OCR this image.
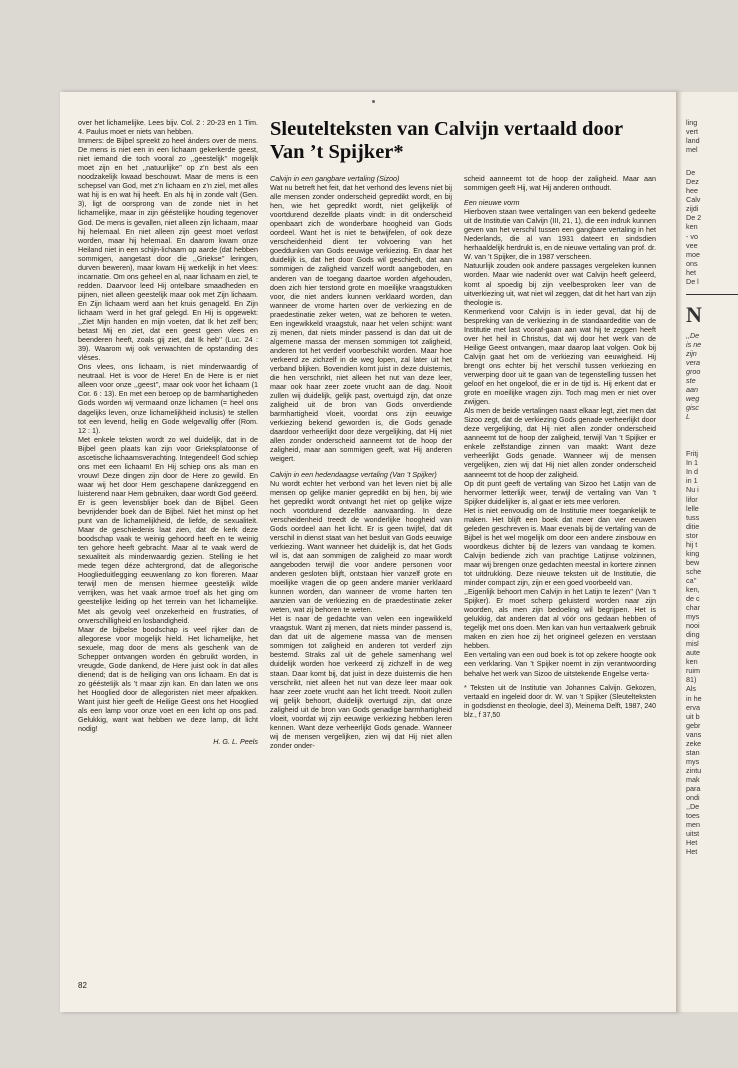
over het lichamelijke. Lees bijv. Col. 2 : 20-23 en 1 Tim. 4. Paulus moet er niets van hebben.

Immers: de Bijbel spreekt zo heel ánders over de mens. De mens is niet een in een lichaam gekerkerde geest, niet iemand die toch vooral zo ,,geestelijk’’ mogelijk moet zijn en het ,,natuurlijke’’ op z’n best als een noodzakelijk kwaad beschouwt. Maar de mens is een schepsel van God, met z’n lichaam en z’n ziel, met alles wat hij is en wat hij heeft. En als hij in zonde valt (Gen. 3), ligt de oorsprong van de zonde niet in het lichamelijke, maar in zijn géésteIijke houding tegenover God. De mens is gevallen, niet alleen zijn lichaam, maar hij helemaal. En niet alleen zijn geest moet verlost worden, maar hij helemaal. En daarom kwam onze Heiland niet in een schijn-lichaam op aarde (dat hebben sommigen, aangetast door die ,,Griekse’’ leringen, durven beweren), maar kwam Hij werkelijk in het vlees: incarnatie. Om ons geheel en al, naar lichaam en ziel, te redden. Daarvoor leed Hij ontelbare smaadheden en pijnen, niet alleen geestelijk maar ook met Zijn lichaam. En Zijn lichaam werd aan het kruis genageld. En Zijn lichaam ’werd in het graf gelegd. En Hij is opgewekt: ,,Ziet Mijn handen en mijn voeten, dat Ik het zelf ben; betast Mij en ziet, dat een geest geen vlees en beenderen heeft, zoals gij ziet, dat Ik heb’’ (Luc. 24 : 39). Waarom wij ook verwachten de opstanding des vléses.

Ons vlees, ons lichaam, is niet minderwaardig of neutraal. Het is voor de Here! En de Here is er niet alleen voor onze ,,geest’’, maar ook voor het lichaam (1 Cor. 6 : 13). En met een beroep op de barmhartigheden Gods worden wij vermaand onze lichamen (= heel ons dagelijks leven, onze lichamelijkheid inclusis) te stellen tot een levend, heilig en Gode welgevallig offer (Rom. 12 : 1).

Met enkele teksten wordt zo wel duidelijk, dat in de Bijbel geen plaats kan zijn voor Grieksplatoonse of ascetische lichaamsverachting. Integendeel! God schiep ons met een lichaam! En Hij schiep ons als man en vrouw! Deze dingen zijn door de Here zo gewild. En waar wij het door Hem geschapene dankzeggend en luisterend naar Hem gebruiken, daar wordt God geëerd. Er is geen levensblijer boek dan de Bijbel. Geen bevrijdender boek dan de Bijbel. Niet het minst op het punt van de lichamelijkheid, de liefde, de sexualiteit. Maar de geschiedenis laat zien, dat de kerk deze boodschap vaak te weinig gehoord heeft en te weinig ten gehore heeft gebracht. Maar al te vaak werd de sexualiteit als minderwaardig gezien. Stelling ie het mede tegen déze achtergrond, dat de allegorische Hooglieduitlegging eeuwenlang zo kon floreren. Maar terwijl men de mensen hiermee geestelijk wilde verrijken, was het vaak armoe troef als het ging om geestelijke leiding op het terrein van het lichamelijke. Met als gevolg veel onzekerheid en frustraties, of onverschilligheid en losbandigheid.

Maar de bijbelse boodschap is veel rijker dan de allegorese voor mogelijk hield. Het lichamelijke, het sexuele, mag door de mens als geschenk van de Schepper ontvangen worden én gebruikt worden, in vreugde, Gode dankend, de Here juist ook ín dat alles dienend; dat is de heiliging van ons lichaam. En dat is zo géésteIijk als ’t maar zijn kan. En dan laten we ons het Hooglied door de allegoristen niet meer afpakken. Want juist hier geeft de Heilige Geest ons het Hooglied als een lamp voor onze voet en een licht op ons pad. Gelukkig, want wat hebben we deze lamp, dit licht nodig!

H. G. L. Peels

Sleutelteksten van Calvijn vertaald door Van ’t Spijker*

Calvijn in een gangbare vertaling (Sizoo)

Wat nu betreft het feit, dat het verhond des levens niet bij alle mensen zonder onderscheid gepredikt wordt, en bij hen, wie het gepredikt wordt, niet gelijkelijk of voortdurend dezelfde plaats vindt: in dit onderscheid openbaart zich de wonderbare hoogheid van Gods oordeel. Want het is niet te betwijfelen, of ook deze verscheidenheid dient ter volvoering van het goeddunken van Gods eeuwige verkiezing. En daar het duidelijk is, dat het door Gods wil geschiedt, dat aan sommigen de zaligheid vanzelf wordt aangeboden, en anderen van de toegang daartoe worden afgehouden, doen zich hier terstond grote en moeilijke vraagstukken voor, die niet anders kunnen verklaard worden, dan wanneer de vrome harten over de verkiezing en de praedestinatie zeker weten, wat ze behoren te weten. Een ingewikkeld vraagstuk, naar het velen schijnt: want zij menen, dat niets minder passend is dan dat uit de algemene massa der mensen sommigen tot zaligheid, anderen tot het verderf voorbeschikt worden. Maar hoe verkeerd ze zichzelf in de weg lopen, zal later uit het verband blijken. Bovendien komt juist in deze duisternis, die hen verschrikt, niet alleen het nut van deze leer, maar ook haar zeer zoete vrucht aan de dag. Nooit zullen wij duidelijk, gelijk past, overtuigd zijn, dat onze zaligheid uit de bron van Gods onverdiende barmhartigheid vloeit, voordat ons zijn eeuwige verkiezing bekend geworden is, die Gods genade daardoor verheerlijkt door deze vergelijking, dat Hij niet allen zonder onderscheid aanneemt tot de hoop der zaligheid, maar aan sommigen geeft, wat Hij anderen weigert.

Calvijn in een hedendaagse vertaling (Van ’t Spijker)

Nu wordt echter het verbond van het leven niet bij alle mensen op gelijke manier gepredikt en bij hen, bij wie het gepredikt wordt ontvangt het niet op gelijke wijze noch voortdurend dezelfde aanvaarding. In deze verscheidenheid treedt de wonderlijke hoogheid van Gods oordeel aan het licht. Er is geen twijfel, dat dit verschil in dienst staat van het besluit van Gods eeuwige verkiezing. Want wanneer het duidelijk is, dat het Gods wil is, dat aan sommigen de zaligheid zo maar wordt aangeboden terwijl die voor andere personen voor anderen gesloten blijft, ontstaan hier vanzelf grote en moeilijke vragen die op geen andere manier verklaard kunnen worden, dan wanneer de vrome harten ten aanzien van de verkiezing en de praedestinatie zeker weten, wat zij behoren te weten.

Het is naar de gedachte van velen een ingewikkeld vraagstuk. Want zij menen, dat niets minder passend is, dan dat uit de algemene massa van de mensen sommigen tot zaligheid en anderen tot verderf zijn bestemd. Straks zal uit de gehele samenhang wel duidelijk worden hoe verkeerd zij zichzelf in de weg staan. Daar komt bij, dat juist in deze duisternis die hen verschrikt, niet alleen het nut van deze leer maar ook haar zeer zoete vrucht aan het licht treedt. Nooit zullen wij gelijk behoort, duidelijk overtuigd zijn, dat onze zaligheid uit de bron van Gods genadige barmhartigheid vloeit, voordat wij zijn eeuwige verkiezing hebben leren kennen. Want deze verheerlijkt Gods genade. Wanneer wij de mensen vergelijken, zien wij dat Hij niet allen zonder onder-

scheid aanneemt tot de hoop der zaligheid. Maar aan sommigen geeft Hij, wat Hij anderen onthoudt.

Een nieuwe vorm

Hierboven staan twee vertalingen van een bekend gedeelte uit de Institutie van Calvijn (III, 21, 1), die een indruk kunnen geven van het verschil tussen een gangbare vertaling in het Nederlands, die al van 1931 dateert en sindsdien herhaaldelijk herdrukt is, en de nieuwe vertaling van prof. dr. W. van ’t Spijker, die in 1987 verscheen.

Natuurlijk zouden ook andere passages vergeleken kunnen worden. Maar wie nadenkt over wat Calvijn heeft geleerd, komt al spoedig bij zijn veelbesproken leer van de uitverkiezing uit, wat niet wil zeggen, dat dit het hart van zijn theologie is.

Kenmerkend voor Calvijn is in ieder geval, dat hij de bespreking van de verkiezing in de standaardeditie van de Institutie met last vooraf-gaan aan wat hij te zeggen heeft over het heil in Christus, dat wij door het werk van de Heilige Geest ontvangen, maar daarop laat volgen. Ook bij Calvijn gaat het om de verkiezing van eeuwigheid. Hij brengt ons echter bij het verschil tussen verkiezing en verwerping door uit te gaan van de tegenstelling tussen het geloof en het ongeloof, die er in de tijd is. Hij erkent dat er grote en moeilijke vragen zijn. Toch mag men er niet over zwijgen.

Als men de beide vertalingen naast elkaar legt, ziet men dat Sizoo zegt, dat de verkiezing Gods genade verheerlijkt door deze vergelijking, dat Hij niet allen zonder onderscheid aanneemt tot de hoop der zaligheid, terwijl Van ’t Spijker er enkele zelfstandige zinnen van maakt: Want deze verheerlijkt Gods genade. Wanneer wij de mensen vergelijken, zien wij dat Hij niet allen zonder onderscheid aanneemt tot de hoop der zaligheid.

Op dit punt geeft de vertaling van Sizoo het Latijn van de hervormer letterlijk weer, terwijl de vertaling van Van ’t Spijker duidelijker is, al gaat er iets mee verloren.

Het is niet eenvoudig om de Institutie meer toegankelijk te maken. Het blijft een boek dat meer dan vier eeuwen geleden geschreven is. Maar evenals bij de vertaling van de Bijbel is het wel mogelijk om door een andere zinsbouw en woordkeus dichter bij de lezers van vandaag te komen. Calvijn bediende zich van prachtige Latijnse volzinnen, maar wij brengen onze gedachten meestal in kortere zinnen tot uitdrukking. Deze nieuwe teksten uit de Institutie, die minder compact zijn, zijn er een goed voorbeeld van.

,,Eigenlijk behoort men Calvijn in het Latijn te lezen’’ (Van ’t Spijker). Er moet scherp geluisterd worden naar zijn woorden, als men zijn bedoeling wil begrijpen. Het is gelukkig, dat anderen dat al vóór ons gedaan hebben of tegelijk met ons doen. Men kan van hun vertaalwerk gebruik maken en zien hoe zij het origineel gelezen en verstaan hebben.

Een vertaling van een oud boek is tot op zekere hoogte ook een verklaring. Van ’t Spijker noemt in zijn verantwoording behalve het werk van Sizoo de uitstekende Engelse verta-

* Teksten uit de Institutie van Johannes Calvijn. Gekozen, vertaald en ingeleid door dr. W. van ’t Spijker (Sleutelteksten in godsdienst en theologie, deel 3), Meinema Delft, 1987, 240 blz., f 37,50

82
ling
vert
land
mel
De
Dez
hee
Calv
zijdi
De 2
ken
- vo
vee
moe
ons
het
De l
N
,,De
is ne
zijn
vera
groo
ste
aan
weg
gisc
L
Fritj
In 1
In d
in 1
Nu i
lifor
lelle
tuss
ditie
stor
hij t
king
bew
sche
ca’’
ken,
de c
char
mys
nooi
ding
misl
aute
ken
ruim
81)
Als
in he
erva
uit b
gebr
vans
zeke
stan
mys
zintu
mak
para
ondi
,,De
toes
men
uitst
Het
Het
